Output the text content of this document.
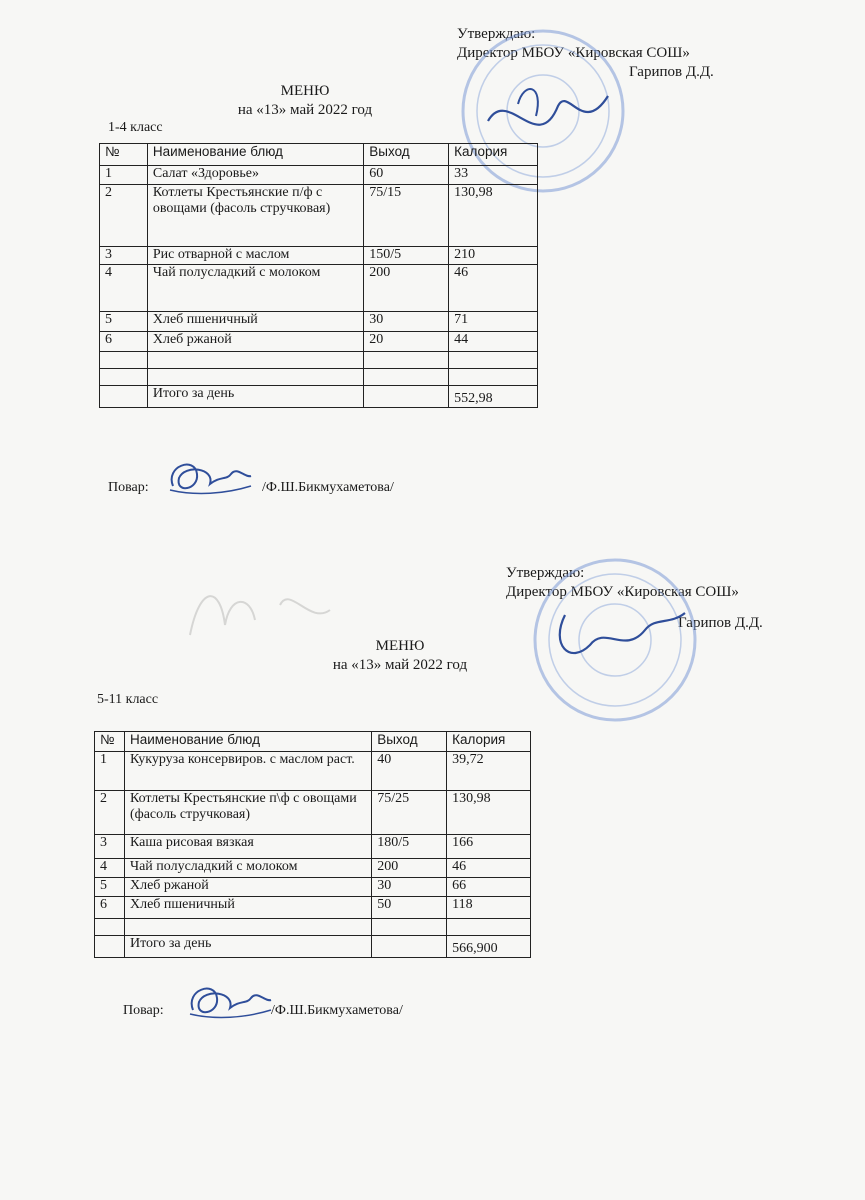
Утверждаю:
Директор МБОУ «Кировская СОШ»
Гарипов Д.Д.
МЕНЮ
на «13» май 2022 год
1-4 класс
№	Наименование блюд	Выход	Калория
1	Салат «Здоровье»	60	33
2	Котлеты Крестьянские п/ф с овощами (фасоль стручковая)	75/15	130,98
3	Рис отварной с маслом	150/5	210
4	Чай полусладкий с молоком	200	46
5	Хлеб пшеничный	30	71
6	Хлеб ржаной	20	44

	Итого за день		552,98
Повар:	/Ф.Ш.Бикмухаметова/
Утверждаю:
Директор МБОУ «Кировская СОШ»
Гарипов Д.Д.
МЕНЮ
на «13» май 2022 год
5-11 класс
№	Наименование блюд	Выход	Калория
1	Кукуруза консервиров. с маслом раст.	40	39,72
2	Котлеты Крестьянские п\ф с овощами (фасоль стручковая)	75/25	130,98
3	Каша рисовая вязкая	180/5	166
4	Чай полусладкий с молоком	200	46
5	Хлеб ржаной	30	66
6	Хлеб пшеничный	50	118

	Итого за день		566,900
Повар:	/Ф.Ш.Бикмухаметова/
